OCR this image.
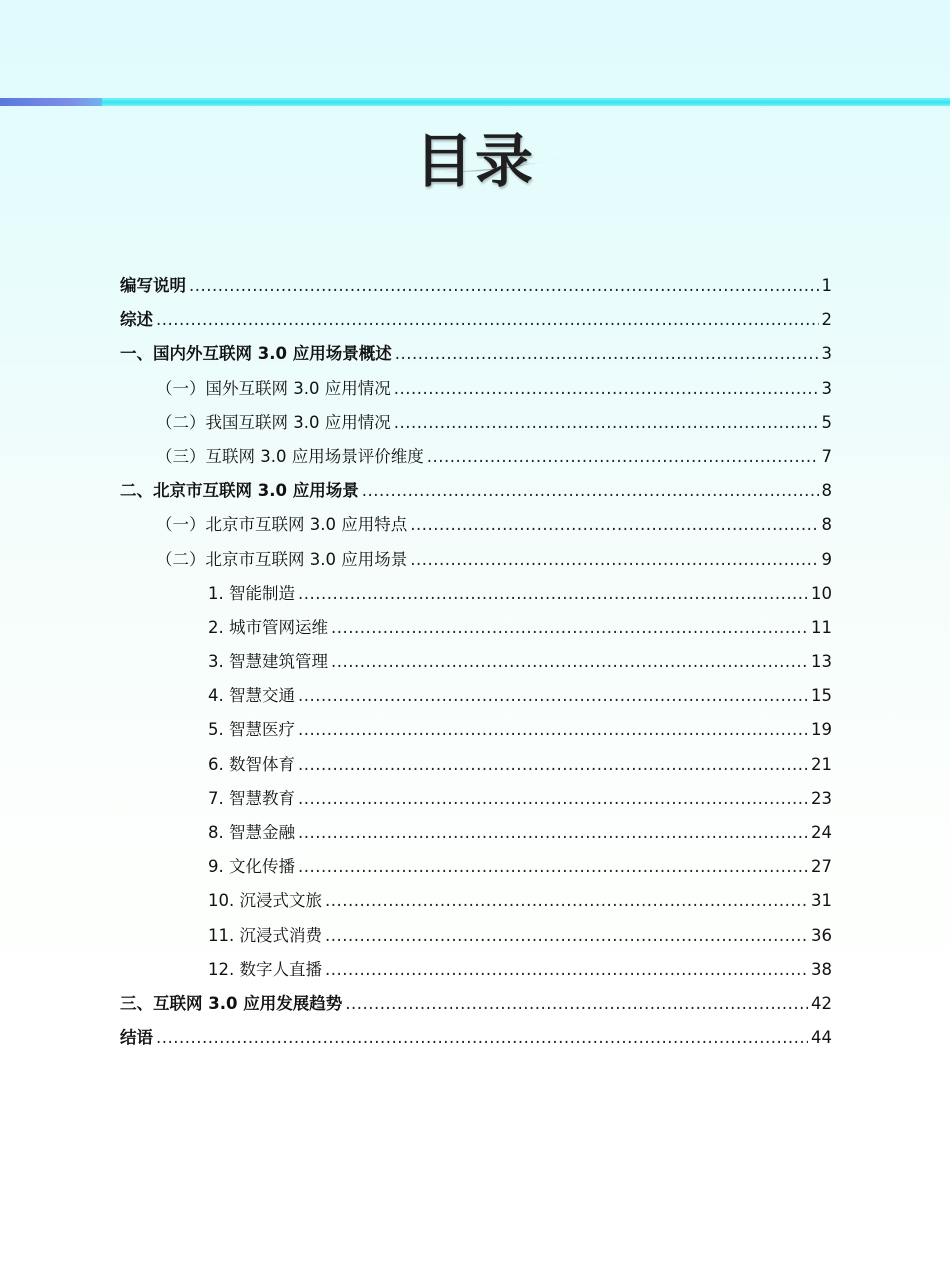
目录
编写说明 .....	1
综述 .....	2
一、国内外互联网 3.0 应用场景概述 .....	3
（一）国外互联网 3.0 应用情况 .....	3
（二）我国互联网 3.0 应用情况 .....	5
（三）互联网 3.0 应用场景评价维度 .....	7
二、北京市互联网 3.0 应用场景 .....	8
（一）北京市互联网 3.0 应用特点 .....	8
（二）北京市互联网 3.0 应用场景 .....	9
1. 智能制造 .....	10
2. 城市管网运维 .....	11
3. 智慧建筑管理 .....	13
4. 智慧交通 .....	15
5. 智慧医疗 .....	19
6. 数智体育 .....	21
7. 智慧教育 .....	23
8. 智慧金融 .....	24
9. 文化传播 .....	27
10. 沉浸式文旅 .....	31
11. 沉浸式消费 .....	36
12. 数字人直播 .....	38
三、互联网 3.0 应用发展趋势 .....	42
结语 .....	44
